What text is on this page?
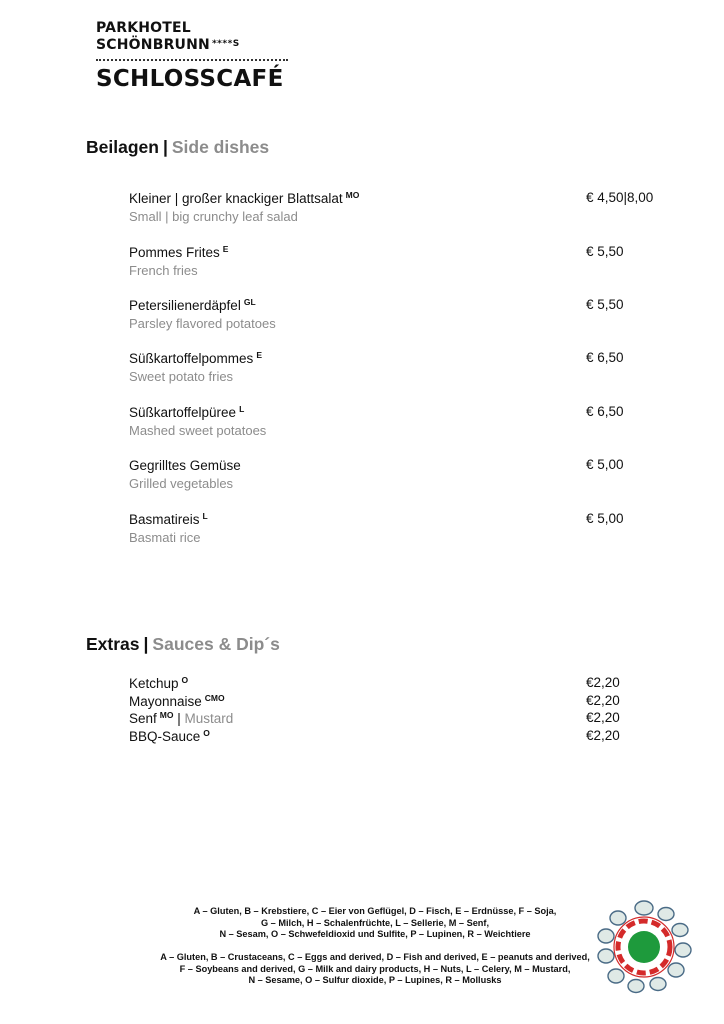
PARKHOTEL
SCHÖNBRUNN $^{****S}$
SCHLOSSCAFÉ
Beilagen | Side dishes
Kleiner | großer knackiger Blattsalat $^{MO}$
Small | big crunchy leaf salad
€ 4,50|8,00
Pommes Frites $^E$
French fries
€ 5,50
Petersilienerdäpfel $^{GL}$
Parsley flavored potatoes
€ 5,50
Süßkartoffelpommes $^E$
Sweet potato fries
€ 6,50
Süßkartoffelpüree $^L$
Mashed sweet potatoes
€ 6,50
Gegrilltes Gemüse
Grilled vegetables
€ 5,00
Basmatireis $^L$
Basmati rice
€ 5,00
Extras | Sauces & Dip´s
Ketchup $^O$	€2,20
Mayonnaise $^{CMO}$	€2,20
Senf $^{MO}$ | Mustard	€2,20
BBQ-Sauce $^O$	€2,20
A – Gluten, B – Krebstiere, C – Eier von Geflügel, D – Fisch, E – Erdnüsse, F – Soja,
G – Milch, H – Schalenfrüchte, L – Sellerie, M – Senf,
N – Sesam, O – Schwefeldioxid und Sulfite, P – Lupinen, R – Weichtiere
A – Gluten, B – Crustaceans, C – Eggs and derived, D – Fish and derived, E – peanuts and derived,
F – Soybeans and derived, G – Milk and dairy products, H – Nuts, L – Celery, M – Mustard,
N – Sesame, O – Sulfur dioxide, P – Lupines, R – Mollusks
